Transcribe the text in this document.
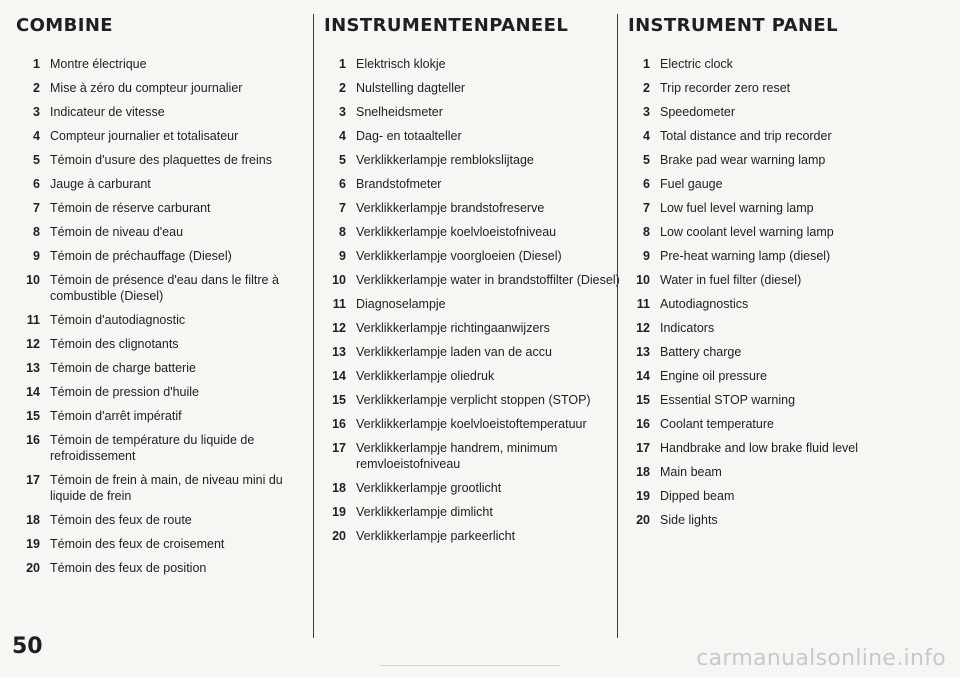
COMBINE
1 Montre électrique
2 Mise à zéro du compteur journalier
3 Indicateur de vitesse
4 Compteur journalier et totalisateur
5 Témoin d'usure des plaquettes de freins
6 Jauge à carburant
7 Témoin de réserve carburant
8 Témoin de niveau d'eau
9 Témoin de préchauffage (Diesel)
10 Témoin de présence d'eau dans le filtre à combustible (Diesel)
11 Témoin d'autodiagnostic
12 Témoin des clignotants
13 Témoin de charge batterie
14 Témoin de pression d'huile
15 Témoin d'arrêt impératif
16 Témoin de température du liquide de refroidissement
17 Témoin de frein à main, de niveau mini du liquide de frein
18 Témoin des feux de route
19 Témoin des feux de croisement
20 Témoin des feux de position
INSTRUMENTENPANEEL
1 Elektrisch klokje
2 Nulstelling dagteller
3 Snelheidsmeter
4 Dag- en totaalteller
5 Verklikkerlampje remblokslijtage
6 Brandstofmeter
7 Verklikkerlampje brandstofreserve
8 Verklikkerlampje koelvloeistofniveau
9 Verklikkerlampje voorgloeien (Diesel)
10 Verklikkerlampje water in brandstoffilter (Diesel)
11 Diagnoselampje
12 Verklikkerlampje richtingaanwijzers
13 Verklikkerlampje laden van de accu
14 Verklikkerlampje oliedruk
15 Verklikkerlampje verplicht stoppen (STOP)
16 Verklikkerlampje koelvloeistoftemperatuur
17 Verklikkerlampje handrem, minimum remvloeistofniveau
18 Verklikkerlampje grootlicht
19 Verklikkerlampje dimlicht
20 Verklikkerlampje parkeerlicht
INSTRUMENT PANEL
1 Electric clock
2 Trip recorder zero reset
3 Speedometer
4 Total distance and trip recorder
5 Brake pad wear warning lamp
6 Fuel gauge
7 Low fuel level warning lamp
8 Low coolant level warning lamp
9 Pre-heat warning lamp (diesel)
10 Water in fuel filter (diesel)
11 Autodiagnostics
12 Indicators
13 Battery charge
14 Engine oil pressure
15 Essential STOP warning
16 Coolant temperature
17 Handbrake and low brake fluid level
18 Main beam
19 Dipped beam
20 Side lights
50	carmanualsonline.info
